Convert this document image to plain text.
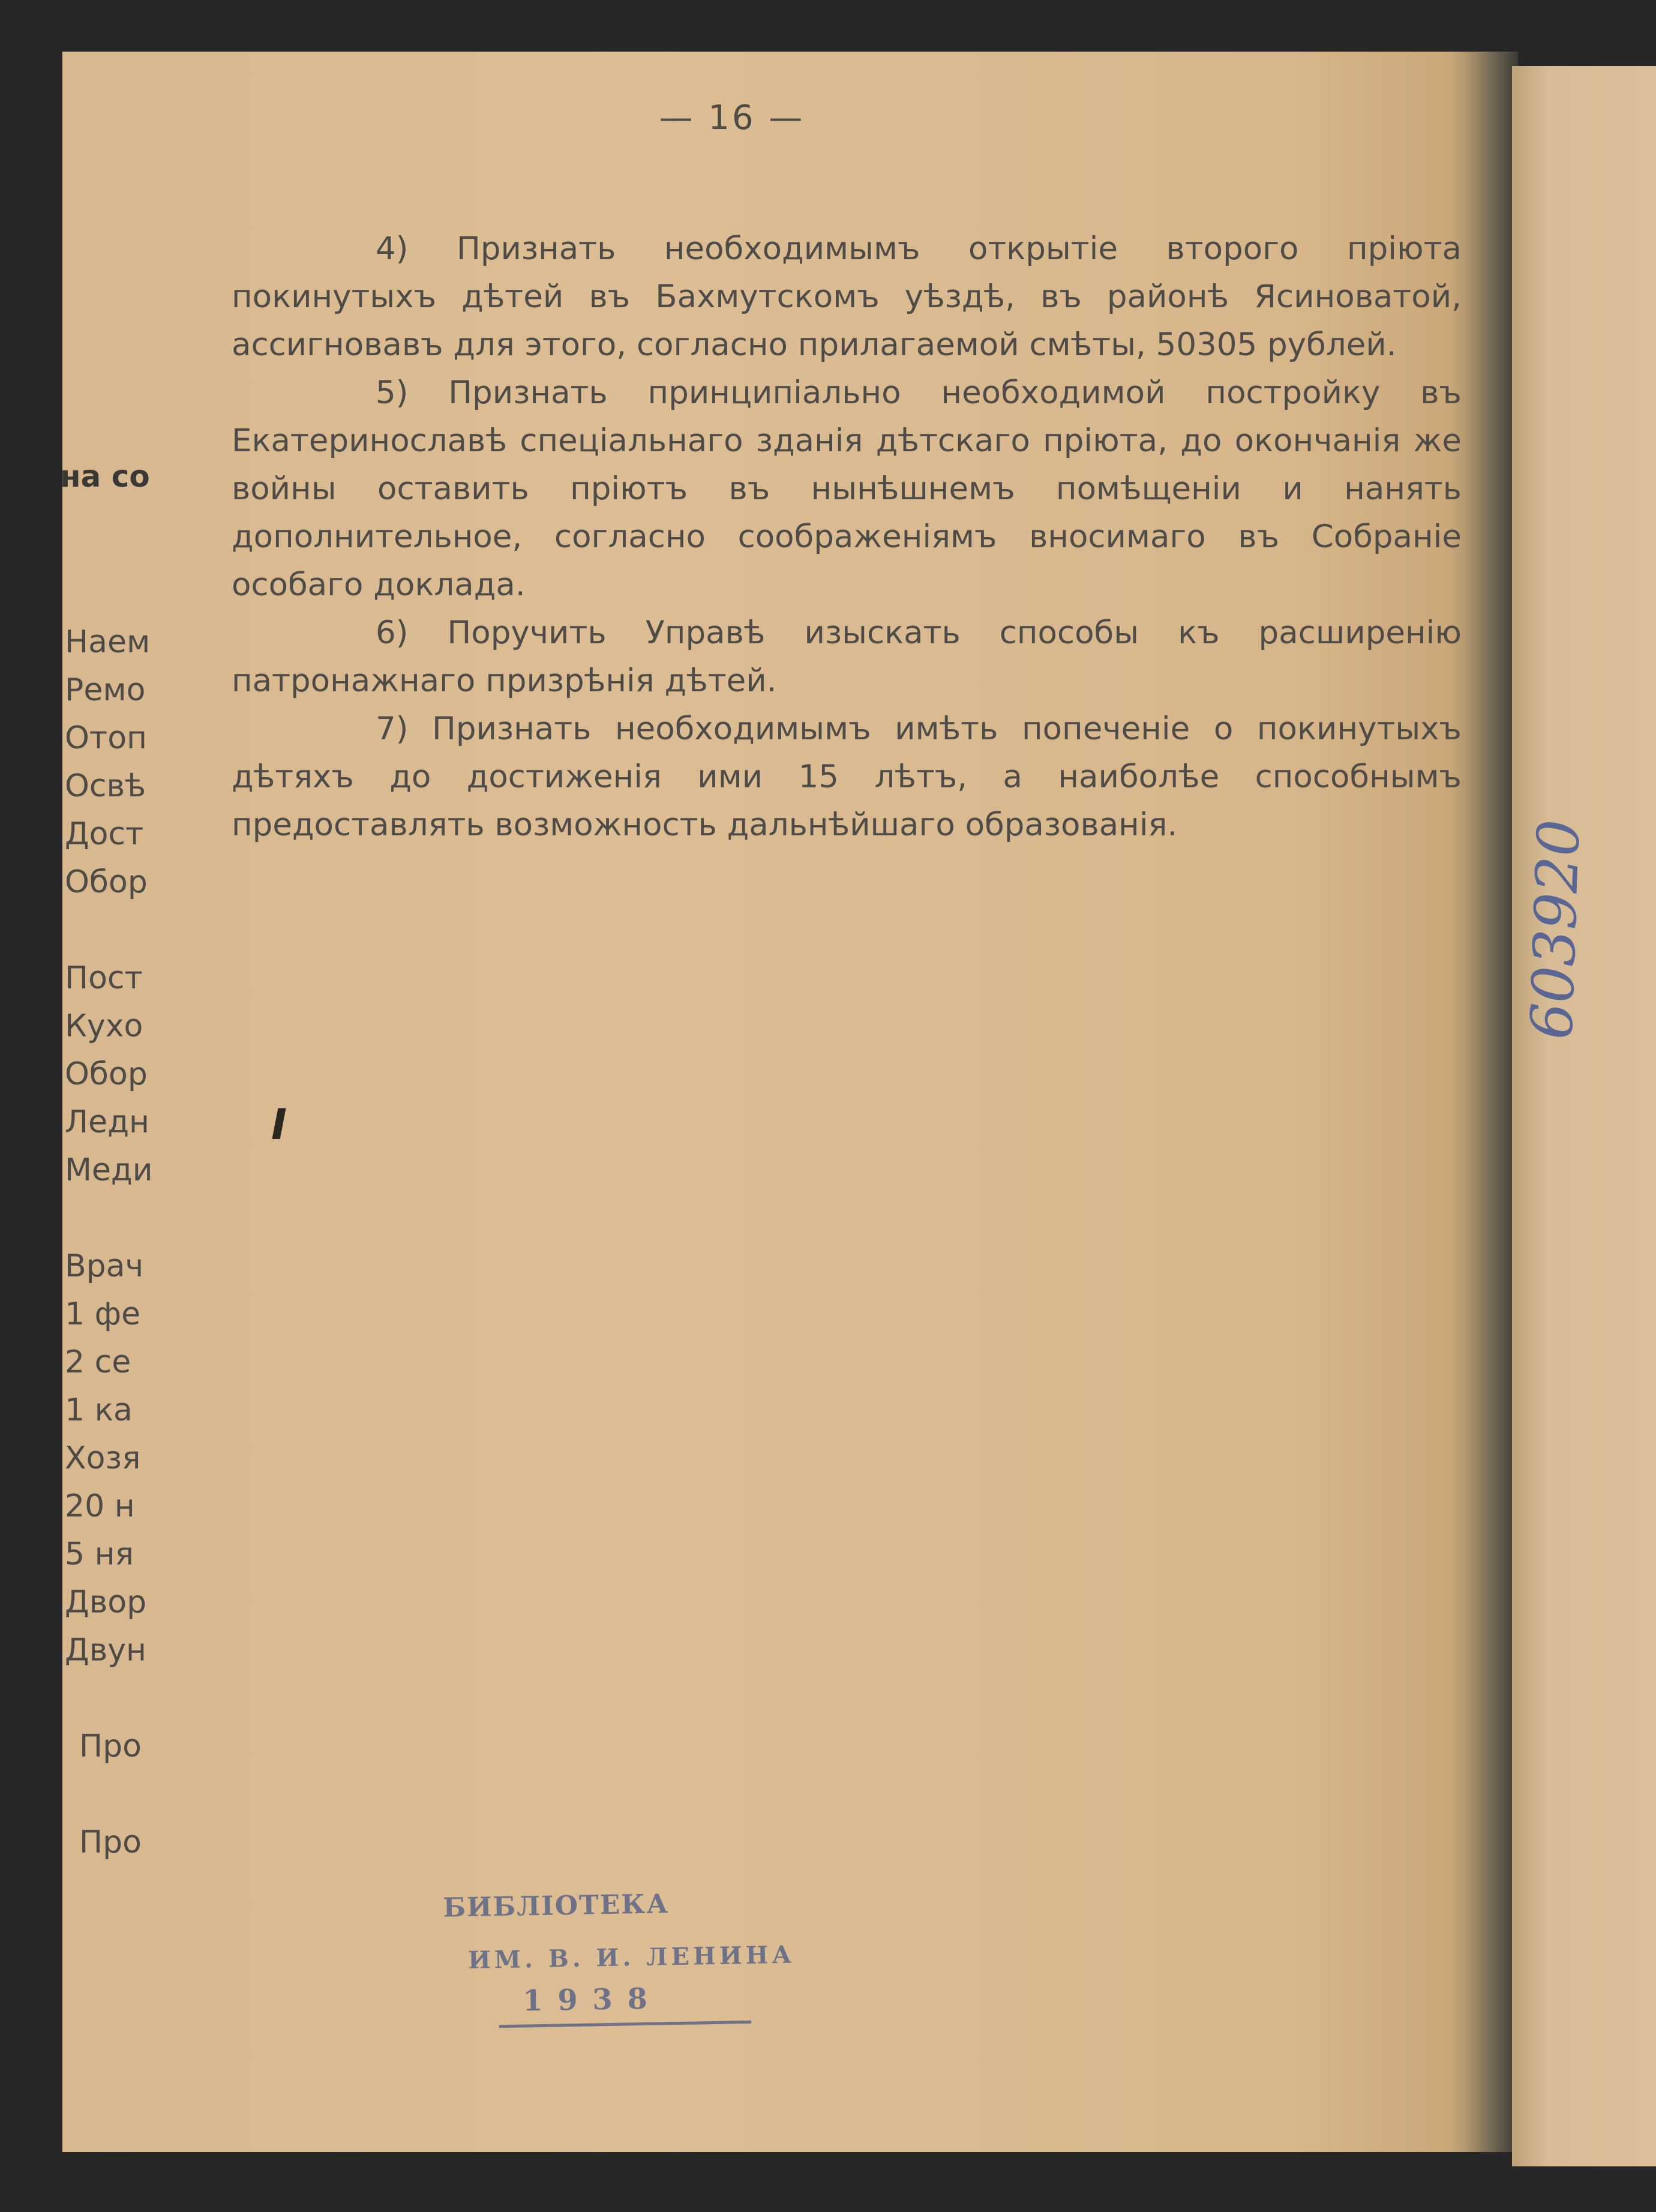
— 16 —

4) Признать необходимымъ открытіе второго пріюта покинутыхъ дѣтей въ Бахмутскомъ уѣздѣ, въ районѣ Ясиноватой, ассигновавъ для этого, согласно прилагаемой смѣты, 50305 рублей.

5) Признать принципіально необходимой постройку въ Екатеринославѣ спеціальнаго зданія дѣтскаго пріюта, до окончанія же войны оставить пріютъ въ нынѣшнемъ помѣщеніи и нанять дополнительное, согласно соображеніямъ вносимаго въ Собраніе особаго доклада.

6) Поручить Управѣ изыскать способы къ расширенію патронажнаго призрѣнія дѣтей.

7) Признать необходимымъ имѣть попеченіе о покинутыхъ дѣтяхъ до достиженія ими 15 лѣтъ, а наиболѣе способнымъ предоставлять возможность дальнѣйшаго образованія.

I
БИБЛІОТЕКА
ИМ. В. И. ЛЕНИНА
1 9 3 8
на со
Наем
Ремо
Отоп
Освѣ
Дост
Обор
Пост
Кухо
Обор
Ледн
Меди
Врач
1 фе
2 се
1 ка
Хозя
20 н
5 ня
Двор
Двун
Про
Про
603920
